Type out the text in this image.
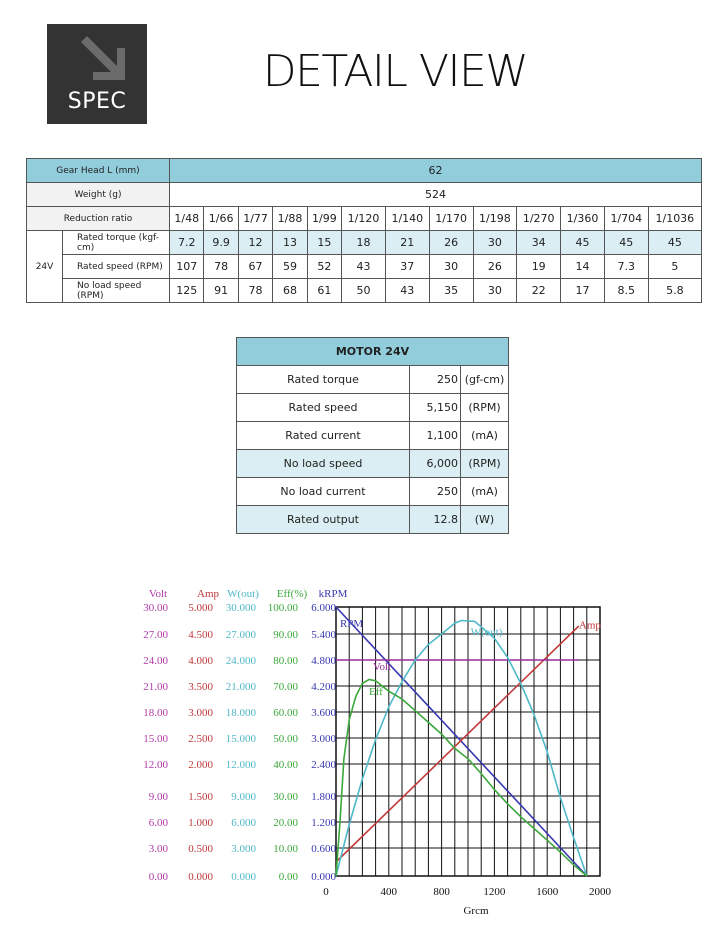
SPEC
DETAIL VIEW
Gear Head L (mm)		62												
Weight (g)		524												
Reduction ratio		1/48	1/66	1/77	1/88	1/99	1/120	1/140	1/170	1/198	1/270	1/360	1/704	1/1036
24V	Rated torque (kgf-cm)	7.2	9.9	12	13	15	18	21	26	30	34	45	45	45
	Rated speed (RPM)	107	78	67	59	52	43	37	30	26	19	14	7.3	5
	No load speed (RPM)	125	91	78	68	61	50	43	35	30	22	17	8.5	5.8
MOTOR 24V		
Rated torque	250	(gf-cm)
Rated speed	5,150	(RPM)
Rated current	1,100	(mA)
No load speed	6,000	(RPM)
No load current	250	(mA)
Rated output	12.8	(W)
Volt	Amp W(out) Eff(%) kRPM
30.00 5.000 30.000 100.00 6.000
27.00 4.500 27.000 90.00 5.400
24.00 4.000 24.000 80.00 4.800
21.00 3.500 21.000 70.00 4.200
18.00 3.000 18.000 60.00 3.600
15.00 2.500 15.000 50.00 3.000
12.00 2.000 12.000 40.00 2.400
9.00 1.500 9.000 30.00 1.800
6.00 1.000 6.000 20.00 1.200
3.00 0.500 3.000 10.00 0.600
0.00 0.000 0.000 0.00 0.000
0	400	800	1200	1600	2000
Grcm
RPM	Amp
Volt
W(out)
Eff
